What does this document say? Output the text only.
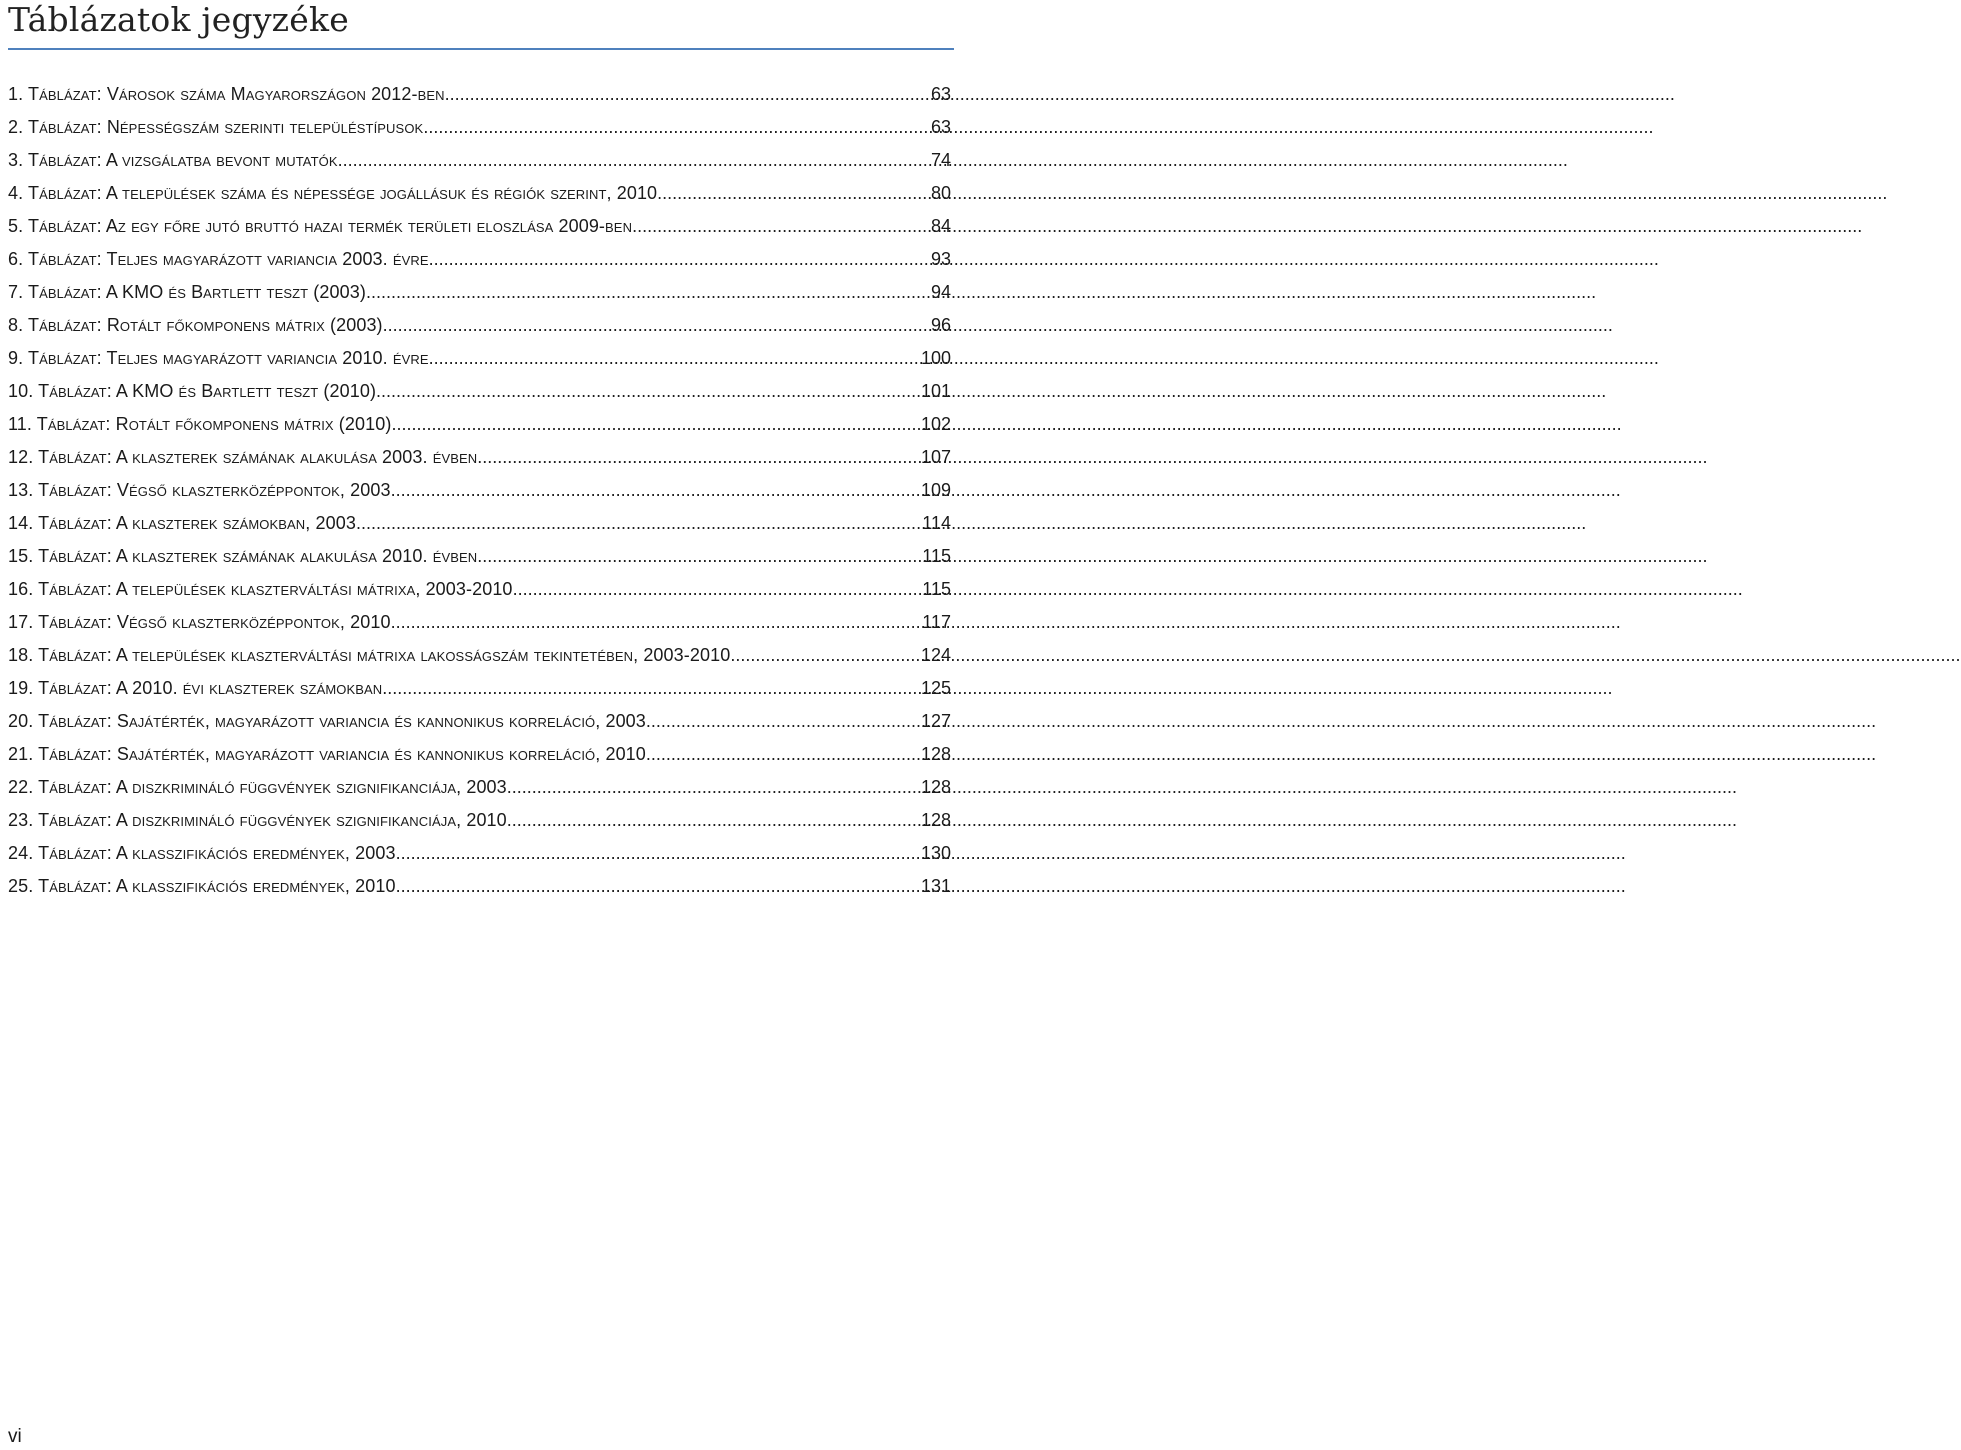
Táblázatok jegyzéke
1. Táblázat: Városok száma Magyarországon 2012-ben .....	63
2. Táblázat: Népességszám szerinti településtípusok .....	63
3. Táblázat: A vizsgálatba bevont mutatók .....	74
4. Táblázat: A települések száma és népessége jogállásuk és régiók szerint, 2010 .....	80
5. Táblázat: Az egy főre jutó bruttó hazai termék területi eloszlása 2009-ben .....	84
6. Táblázat: Teljes magyarázott variancia 2003. évre .....	93
7. Táblázat: A KMO és Bartlett teszt (2003) .....	94
8. Táblázat: Rotált főkomponens mátrix (2003) .....	96
9. Táblázat: Teljes magyarázott variancia 2010. évre .....	100
10. Táblázat: A KMO és Bartlett teszt (2010) .....	101
11. Táblázat: Rotált főkomponens mátrix (2010) .....	102
12. Táblázat: A klaszterek számának alakulása 2003. évben .....	107
13. Táblázat: Végső klaszterközéppontok, 2003 .....	109
14. Táblázat: A klaszterek számokban, 2003 .....	114
15. Táblázat: A klaszterek számának alakulása 2010. évben .....	115
16. Táblázat: A települések klaszterváltási mátrixa, 2003-2010 .....	115
17. Táblázat: Végső klaszterközéppontok, 2010 .....	117
18. Táblázat: A települések klaszterváltási mátrixa lakosságszám tekintetében, 2003-2010 .....	124
19. Táblázat: A 2010. évi klaszterek számokban .....	125
20. Táblázat: Sajátérték, magyarázott variancia és kannonikus korreláció, 2003 .....	127
21. Táblázat: Sajátérték, magyarázott variancia és kannonikus korreláció, 2010 .....	128
22. Táblázat: A diszkrimináló függvények szignifikanciája, 2003 .....	128
23. Táblázat: A diszkrimináló függvények szignifikanciája, 2010 .....	128
24. Táblázat: A klasszifikációs eredmények, 2003 .....	130
25. Táblázat: A klasszifikációs eredmények, 2010 .....	131
vi
